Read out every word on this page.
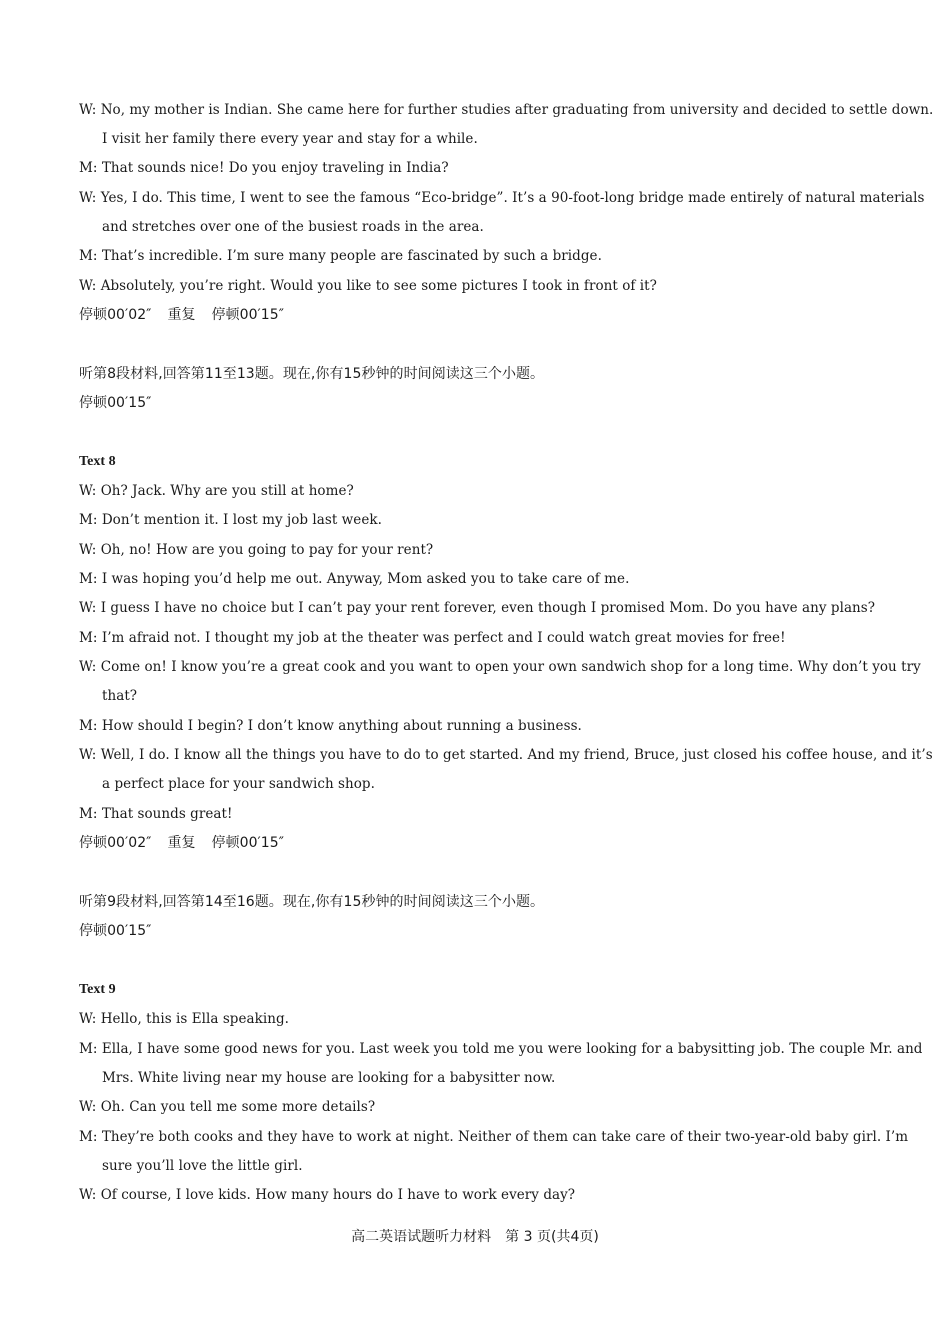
W: No, my mother is Indian. She came here for further studies after graduating from university and decided to settle down.
I visit her family there every year and stay for a while.
M: That sounds nice! Do you enjoy traveling in India?
W: Yes, I do. This time, I went to see the famous “Eco-bridge”. It’s a 90-foot-long bridge made entirely of natural materials
and stretches over one of the busiest roads in the area.
M: That’s incredible. I’m sure many people are fascinated by such a bridge.
W: Absolutely, you’re right. Would you like to see some pictures I took in front of it?
停顿00′02″ 重复 停顿00′15″
听第8段材料,回答第11至13题。现在,你有15秒钟的时间阅读这三个小题。
停顿00′15″
Text 8
W: Oh? Jack. Why are you still at home?
M: Don’t mention it. I lost my job last week.
W: Oh, no! How are you going to pay for your rent?
M: I was hoping you’d help me out. Anyway, Mom asked you to take care of me.
W: I guess I have no choice but I can’t pay your rent forever, even though I promised Mom. Do you have any plans?
M: I’m afraid not. I thought my job at the theater was perfect and I could watch great movies for free!
W: Come on! I know you’re a great cook and you want to open your own sandwich shop for a long time. Why don’t you try
that?
M: How should I begin? I don’t know anything about running a business.
W: Well, I do. I know all the things you have to do to get started. And my friend, Bruce, just closed his coffee house, and it’s
a perfect place for your sandwich shop.
M: That sounds great!
停顿00′02″ 重复 停顿00′15″
听第9段材料,回答第14至16题。现在,你有15秒钟的时间阅读这三个小题。
停顿00′15″
Text 9
W: Hello, this is Ella speaking.
M: Ella, I have some good news for you. Last week you told me you were looking for a babysitting job. The couple Mr. and
Mrs. White living near my house are looking for a babysitter now.
W: Oh. Can you tell me some more details?
M: They’re both cooks and they have to work at night. Neither of them can take care of their two-year-old baby girl. I’m
sure you’ll love the little girl.
W: Of course, I love kids. How many hours do I have to work every day?
高二英语试题听力材料 第 3 页(共4页)
